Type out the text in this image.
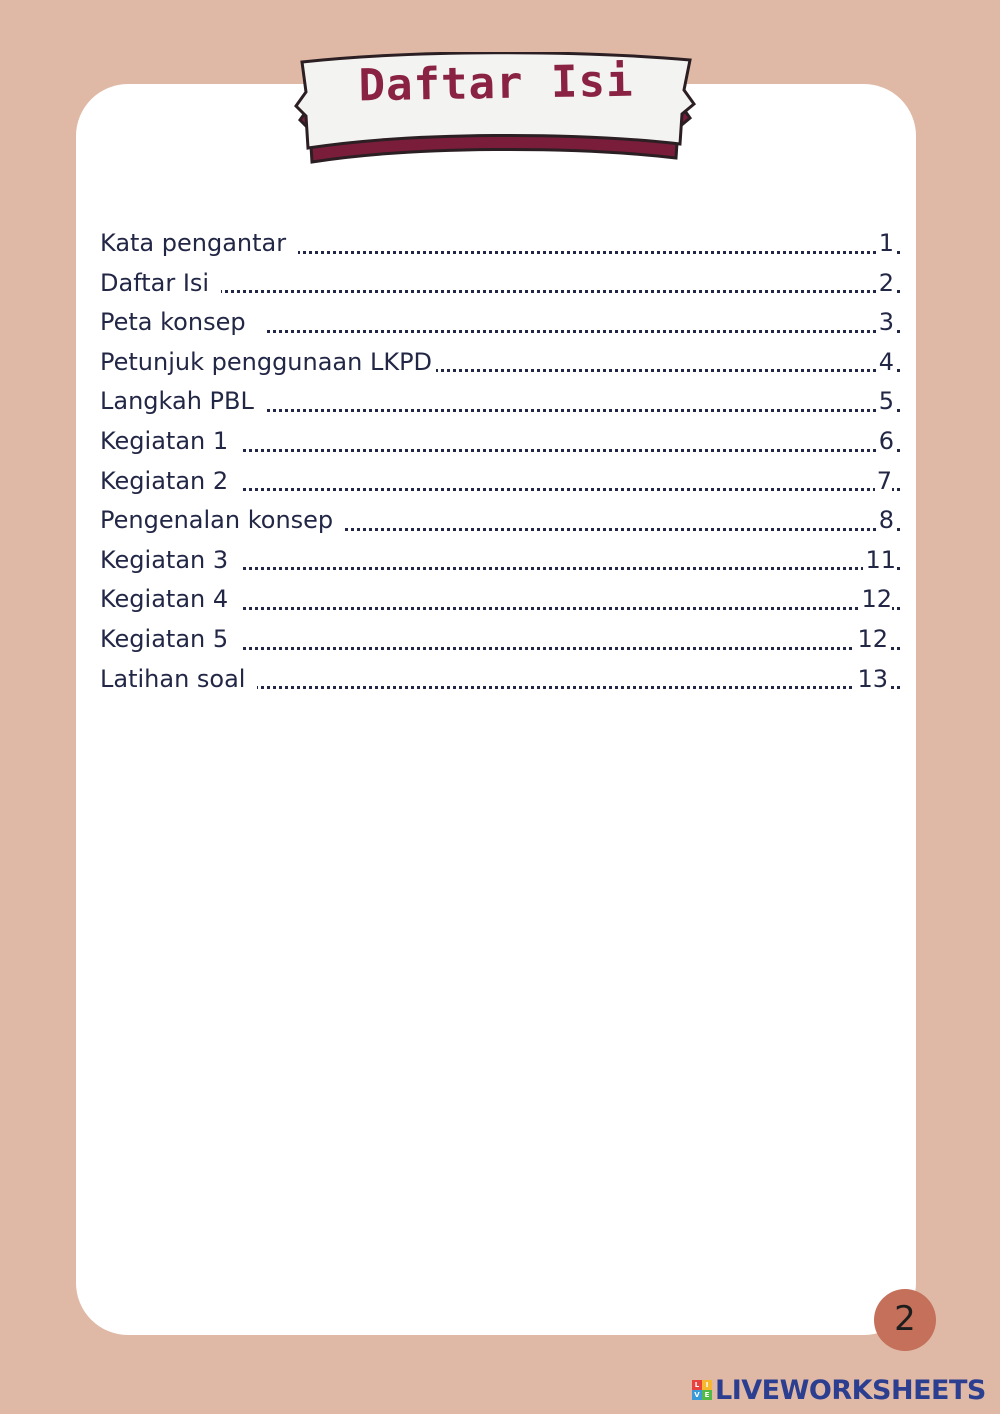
Daftar Isi
Kata pengantar	1
Daftar Isi	2
Peta konsep	3
Petunjuk penggunaan LKPD	4
Langkah PBL	5
Kegiatan 1	6
Kegiatan 2	7
Pengenalan konsep	8
Kegiatan 3	11
Kegiatan 4	12
Kegiatan 5	12
Latihan soal	13
2
L I
V E LIVEWORKSHEETS
